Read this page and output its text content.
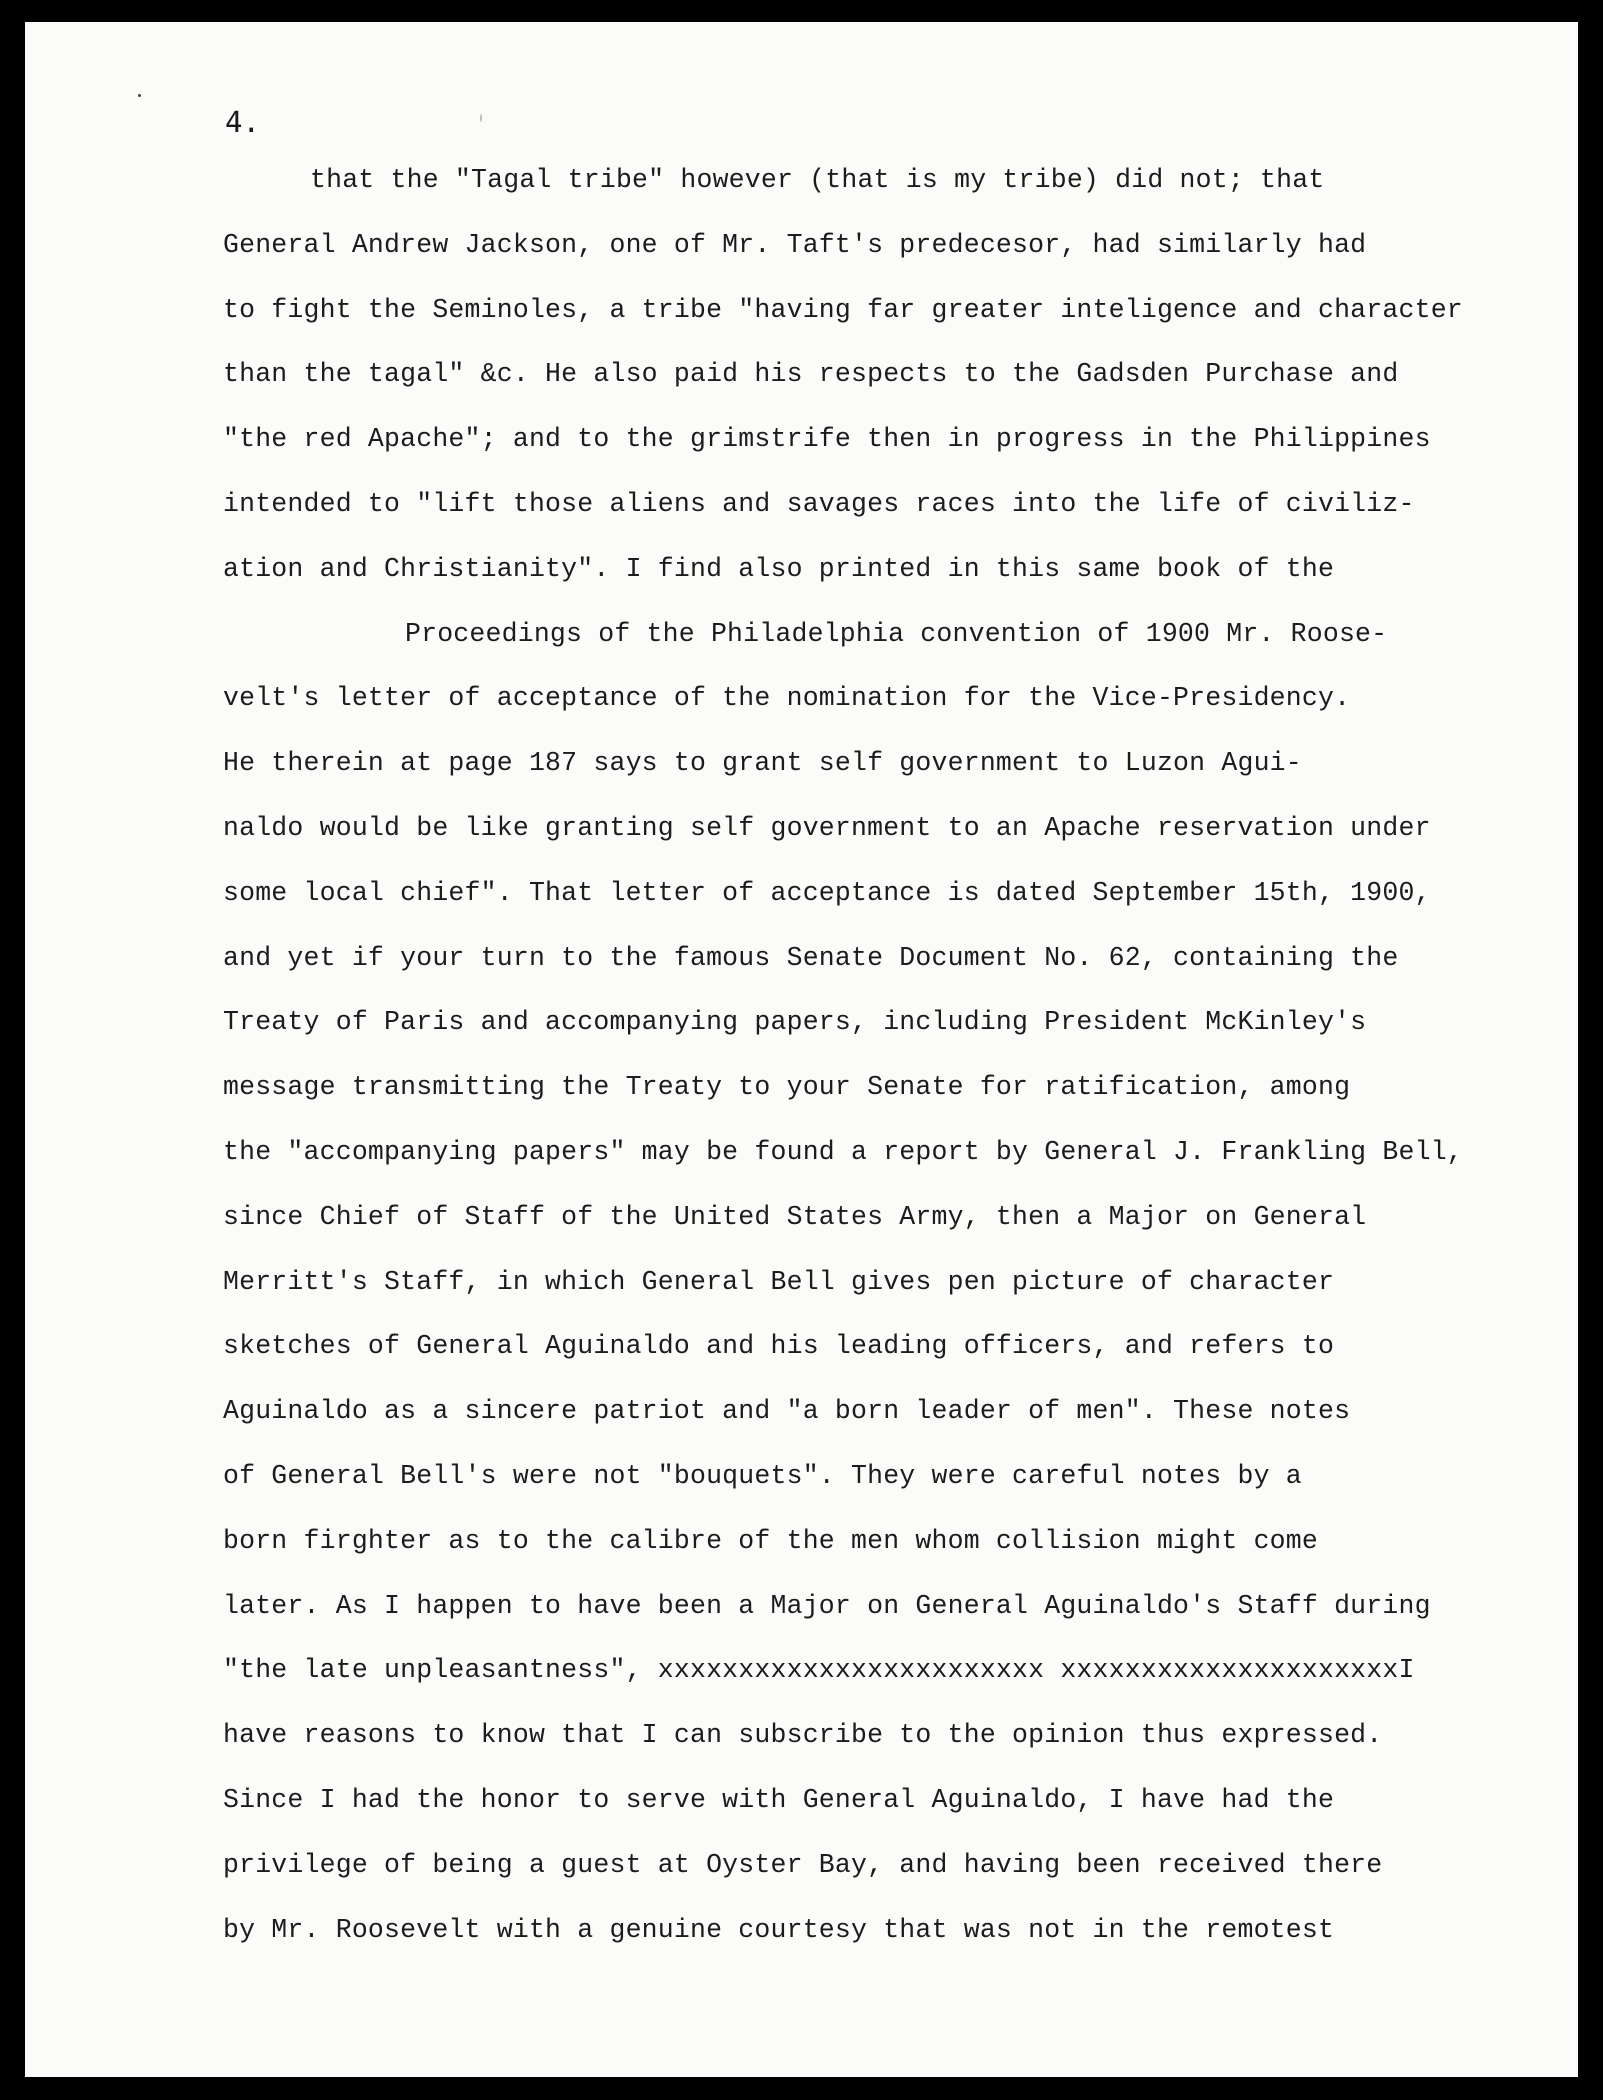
4.

that the "Tagal tribe" however (that is my tribe) did not; that
General Andrew Jackson, one of Mr. Taft's predecesor, had similarly had
to fight the Seminoles, a tribe "having far greater inteligence and character
than the tagal" &c. He also paid his respects to the Gadsden Purchase and
"the red Apache"; and to the grimstrife then in progress in the Philippines
intended to "lift those aliens and savages races into the life of civiliz-
ation and Christianity". I find also printed in this same book of the
Proceedings of the Philadelphia convention of 1900 Mr. Roose-
velt's letter of acceptance of the nomination for the Vice-Presidency.
He therein at page 187 says to grant self government to Luzon Agui-
naldo would be like granting self government to an Apache reservation under
some local chief". That letter of acceptance is dated September 15th, 1900,
and yet if your turn to the famous Senate Document No. 62, containing the
Treaty of Paris and accompanying papers, including President McKinley's
message transmitting the Treaty to your Senate for ratification, among
the "accompanying papers" may be found a report by General J. Frankling Bell,
since Chief of Staff of the United States Army, then a Major on General
Merritt's Staff, in which General Bell gives pen picture of character
sketches of General Aguinaldo and his leading officers, and refers to
Aguinaldo as a sincere patriot and "a born leader of men". These notes
of General Bell's were not "bouquets". They were careful notes by a
born firghter as to the calibre of the men whom collision might come
later. As I happen to have been a Major on General Aguinaldo's Staff during
"the late unpleasantness", xxxxxxxxxxxxxxxxxxxxxxxx xxxxxxxxxxxxxxxxxxxxxI
have reasons to know that I can subscribe to the opinion thus expressed.
Since I had the honor to serve with General Aguinaldo, I have had the
privilege of being a guest at Oyster Bay, and having been received there
by Mr. Roosevelt with a genuine courtesy that was not in the remotest
